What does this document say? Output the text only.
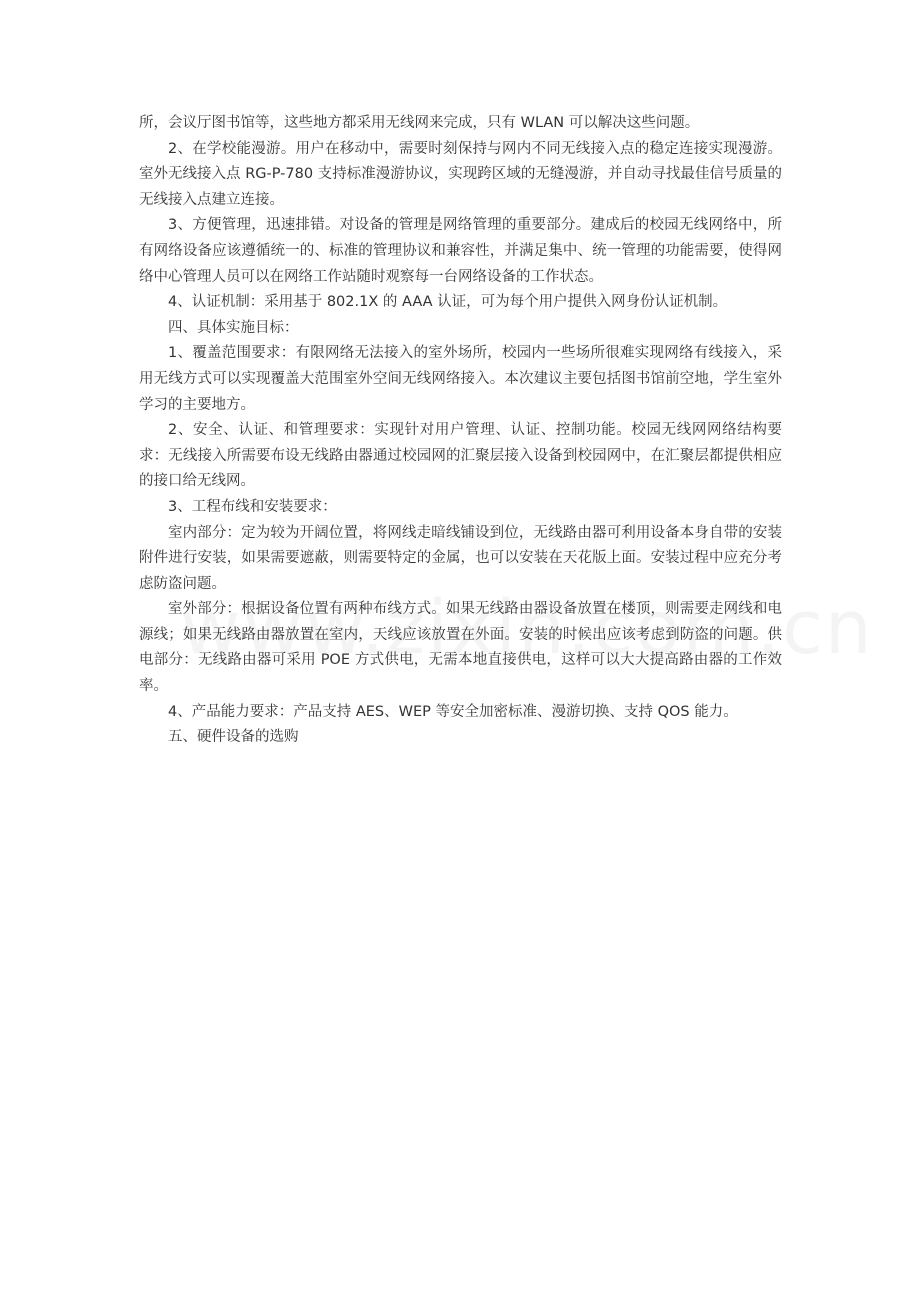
所，会议厅图书馆等，这些地方都采用无线网来完成，只有 WLAN 可以解决这些问题。

2、在学校能漫游。用户在移动中，需要时刻保持与网内不同无线接入点的稳定连接实现漫游。室外无线接入点 RG-P-780 支持标准漫游协议，实现跨区域的无缝漫游，并自动寻找最佳信号质量的无线接入点建立连接。

3、方便管理，迅速排错。对设备的管理是网络管理的重要部分。建成后的校园无线网络中，所有网络设备应该遵循统一的、标准的管理协议和兼容性，并满足集中、统一管理的功能需要，使得网络中心管理人员可以在网络工作站随时观察每一台网络设备的工作状态。

4、认证机制：采用基于 802.1X 的 AAA 认证，可为每个用户提供入网身份认证机制。

四、具体实施目标：

1、覆盖范围要求：有限网络无法接入的室外场所，校园内一些场所很难实现网络有线接入，采用无线方式可以实现覆盖大范围室外空间无线网络接入。本次建议主要包括图书馆前空地，学生室外学习的主要地方。

2、安全、认证、和管理要求：实现针对用户管理、认证、控制功能。校园无线网网络结构要求：无线接入所需要布设无线路由器通过校园网的汇聚层接入设备到校园网中，在汇聚层都提供相应的接口给无线网。

3、工程布线和安装要求：

室内部分：定为较为开阔位置，将网线走暗线铺设到位，无线路由器可利用设备本身自带的安装附件进行安装，如果需要遮蔽，则需要特定的金属，也可以安装在天花版上面。安装过程中应充分考虑防盗问题。

室外部分：根据设备位置有两种布线方式。如果无线路由器设备放置在楼顶，则需要走网线和电源线；如果无线路由器放置在室内，天线应该放置在外面。安装的时候出应该考虑到防盗的问题。供电部分：无线路由器可采用 POE 方式供电，无需本地直接供电，这样可以大大提高路由器的工作效率。

4、产品能力要求：产品支持 AES、WEP 等安全加密标准、漫游切换、支持 QOS 能力。

五、硬件设备的选购
